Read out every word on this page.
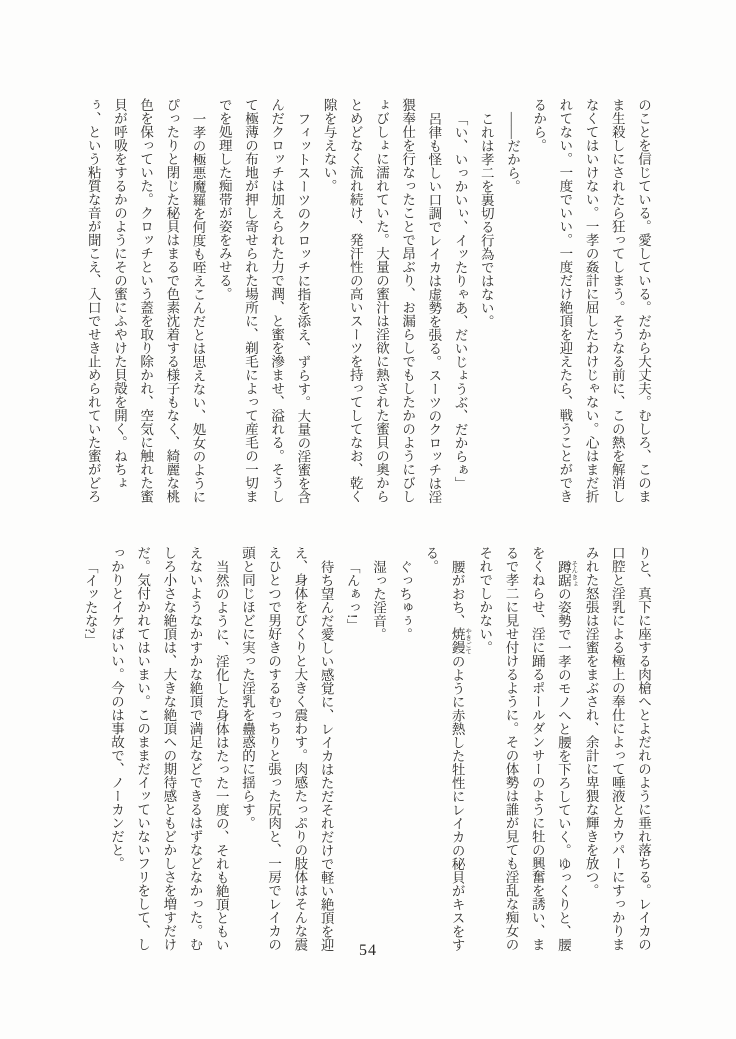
のことを信じている。愛している。だから大丈夫。むしろ、このまま生殺しにされたら狂ってしまう。そうなる前に、この熱を解消しなくてはいけない。一孝の姦計に屈したわけじゃない。心はまだ折れてない。一度でいい。一度だけ絶頂を迎えたら、戦うことができるから。

――だから。

これは孝二を裏切る行為ではない。

「い、いっかいぃ、イッたりゃあ、だいじょうぶ、だからぁ」

呂律も怪しい口調でレイカは虚勢を張る。スーツのクロッチは淫猥奉仕を行なったことで昂ぶり、お漏らしでもしたかのようにびしょびしょに濡れていた。大量の蜜汁は淫欲に熱された蜜貝の奥からとめどなく流れ続け、発汗性の高いスーツを持ってしてなお、乾く隙を与えない。

フィットスーツのクロッチに指を添え、ずらす。大量の淫蜜を含んだクロッチは加えられた力で潤、と蜜を滲ませ、溢れる。そうして極薄の布地が押し寄せられた場所に、剃毛によって産毛の一切までを処理した痴帯が姿をみせる。

一孝の極悪魔羅を何度も咥えこんだとは思えない、処女のようにぴったりと閉じた秘貝はまるで色素沈着する様子もなく、綺麗な桃色を保っていた。クロッチという蓋を取り除かれ、空気に触れた蜜貝が呼吸をするかのようにその蜜にふやけた貝殻を開く。ねちょぅ、という粘質な音が聞こえ、入口でせき止められていた蜜がどろ

りと、真下に座する肉槍へとよだれのように垂れ落ちる。レイカの口腔と淫乳による極上の奉仕によって唾液とカウパーにすっかりまみれた怒張は淫蜜をまぶされ、余計に卑猥な輝きを放つ。

蹲踞 そんきょの姿勢で一孝のモノへと腰を下ろしていく。ゆっくりと、腰をくねらせ、淫に踊るポールダンサーのように牡の興奮を誘い、まるで孝二に見せ付けるように。その体勢は誰が見ても淫乱な痴女のそれでしかない。

腰がおち、焼鏝 やきごてのように赤熱した牡性にレイカの秘貝がキスをする。

ぐっちゅぅ。

湿った淫音。

「んぁっ!」

待ち望んだ愛しい感覚に、レイカはただそれだけで軽い絶頂を迎え、身体をびくりと大きく震わす。肉感たっぷりの肢体はそんな震えひとつで男好きのするむっちりと張った尻肉と、一房でレイカの頭と同じほどに実った淫乳を蠱惑的に揺らす。

当然のように、淫化した身体はたった一度の、それも絶頂ともいえないようなかすかな絶頂で満足などできるはずなどなかった。むしろ小さな絶頂は、大きな絶頂への期待感ともどかしさを増すだけだ。気付かれてはいまい。このままだイッていないフリをして、しっかりとイケばいい。今のは事故で、ノーカンだと。

「イッたな?」

54
